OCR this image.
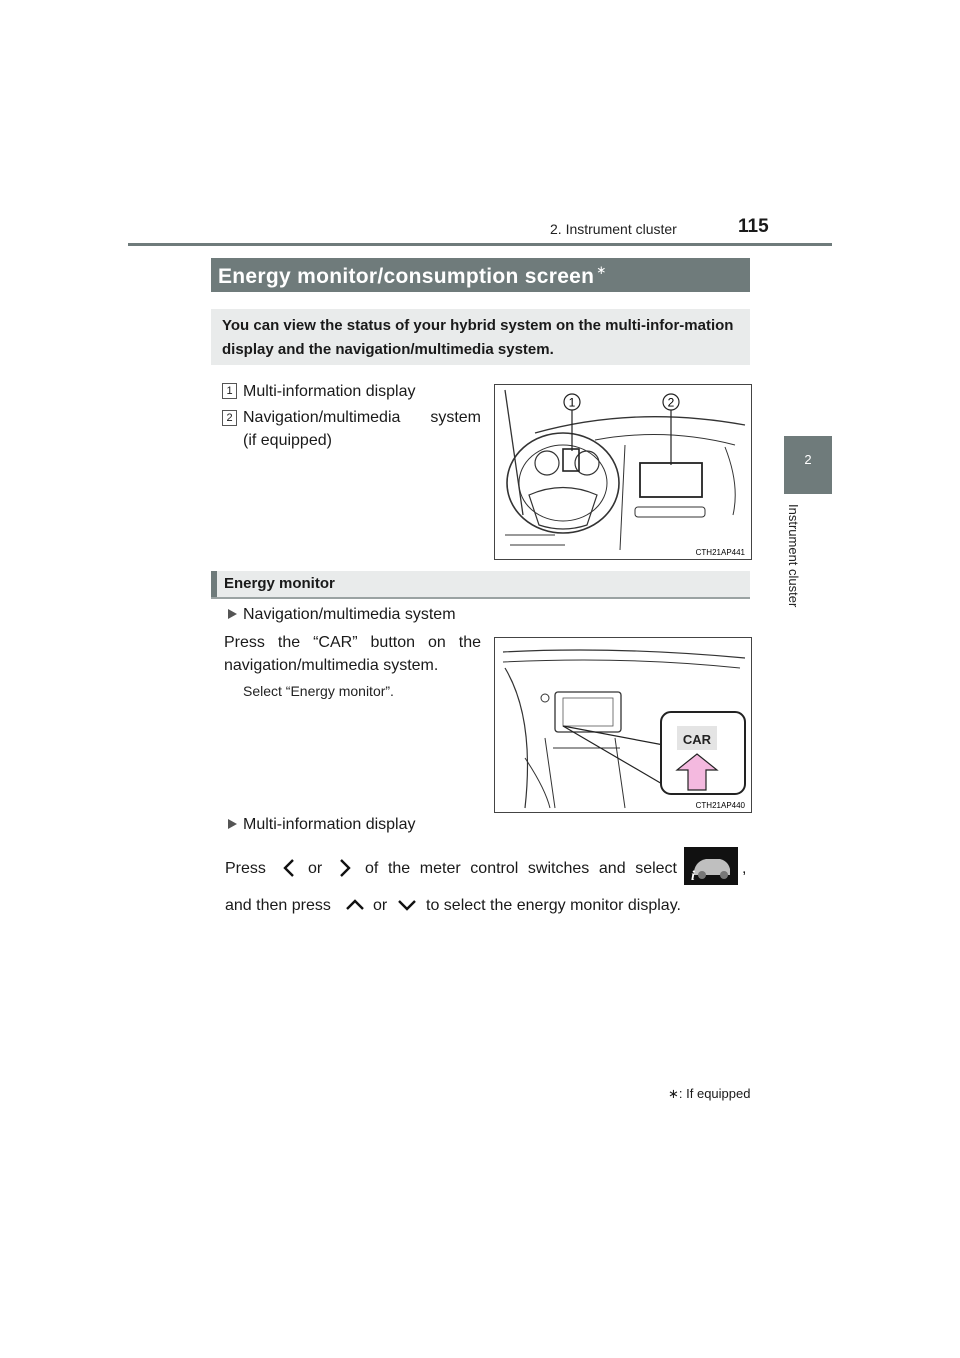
2. Instrument cluster	115
2
Instrument cluster
Energy monitor/consumption screen ∗
You can view the status of your hybrid system on the multi-infor-mation display and the navigation/multimedia system.
1 Multi-information display
2 Navigation/multimedia system
(if equipped)
1	2
CTH21AP441
Energy monitor
Navigation/multimedia system
Press the “CAR” button on the
navigation/multimedia system.
Select “Energy monitor”.
CAR
CTH21AP440
Multi-information display
Press	or	of the meter control switches and select i	,
and then press	or to select the energy monitor display.
∗: If equipped
